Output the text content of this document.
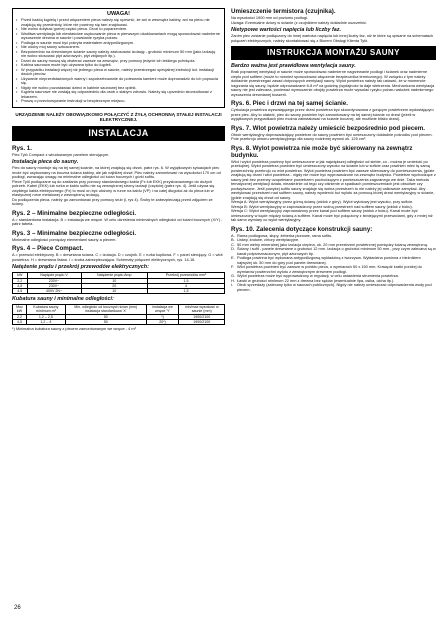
UWAGA!
• Przed każdą kąpielą i przed włączeniem pieca należy się upewnić, że ani w wewnątrz kabiny, ani na piecu nie znajdują się przedmioty, które nie powinny się tam znajdować.
• Nie wolno dotykać gornej części pieca. Grozi to poparzeniem.
• Wadliwa wentylacja lub niewłaściwe usytuowanie pieca w pierwszym okablowaniach mogą spowodować nadmierne wysuszenie drewna w saunie i powstanie ryzyka pożaru.
• Podłoga w saunie musi być pokryta materiałem antypoślizgowym.
• Nie ośoby muj sauny sztuacznem.
• Bezpośrednio na drewnianym ścianie sauny należy zastosować izolację - grubość minimum 50 mm (jako izolację nie wolno stosować płyt ażurowych, płyt zbijanych itp.).
• Drzwi do sauny muszą się otwierać zawsze na zewnątrz, przy pomocy jedynie ich lekkiego pchnięcia.
• Kabina saunowa może być używana tylko do kąpieli.
• W przypadku instalacji więcej niż jednego pieca w saunie, należy przestrzegać specjalnej instrukcji icd. instalacji dwóch pieców.
• Używanie nieprzedstawionych wanny i zapotrzebowanie do polewania kamieni może doprowadzić do ich popsucia się.
• Nigdy nie wolno pozostawiać dzieci w kabinie saunowej bez opieki.
• Kąpiela saunowe nie zostają się odpowiednio dla osób o słabym zdrowiu. Należy się uprzednio skonsultować z lekarzem.
• Proszę o przechowywanie instrukcji w bezpiecznym miejscu.
URZĄDZENIE NALEŻY OBOWIĄZKOWO POŁĄCZYĆ Z ŻYŁĄ OCHRONNĄ STAŁEJ INSTALACJI ELEKTRYCZNEJ.
INSTALACJA
Rys. 1.

Piec Tylö Compact z wbudowanym panelem sterującym.

Instalacja pieca do sauny.

Piec do sauny montuje się na tej samej ścianie, na której znajdują się drzwi, patrz rys. 6. W wyjątkowych sytuacjach piec może być usytuowany na boczna ściana kabiny, ale jak najbliżej drzwi. Piec należy zamontować na wysokości 170 cm od podłogi, zwracając uwagę na minimalne odległości od ścian bocznych i górki sufitu.
Piece Tylö podłączane są do zasilania przy pomocy standardowego kabla (Fx lub EKK) przystosowanego do dużych potrzeb. Kabel (EKK) lub rurka w kablu sufitu nie są zewnętrznej strony izolacji (częściej (patrz rys. 4). Jeśli używa się zwykłego kabla elektrycznego (Fx) to musi on być ułożony w rurce na kablu (VP) i na całej długości aż do pieca lub w elastycznej rurce metalowej z wewnętrzną izolacją.
Do podłączenia pieca, należy go zamontować przy pomocy śrub (l, rys 4). Śruby te zabezpieczają przed zdjęciem ze ściany.

Rys. 2 – Minimalne bezpieczne odległości.

A = standardowa instalacja. B = instalacja we wnęce. W celu określenia minimalnych odległości od ściani bocznych (X/Y) - patrz tabela.

Rys. 3 – Minimalne bezpieczne odległości.

Minimalne odległości pomiędzy elementami sauny a piecem.

Rys. 4 – Piece Compact.

A = przewód elektryczny. B = drewniana ściana. C = izolacja. D = czujnik. E = rurka kopiłowa. F = panel sterujący. G = wlot powietrza. H = drewniana listwa. I = śruba zabezpieczająca. Schematy połączeń elektrycznych, rys. 14-16.

Natężenie prądu i przekrój przewodów elektrycznych:
kW	Napięcie prądu V	Natężenie prądu Amp	Przekrój przewodów mm²
2,2	230V~	10	1,5
4,5	230V~	20	4
4,5	400V 2N~	10	1,5
Kubatura sauny i minimalne odległości:
Moc kW	Kubatura sauny minimum m³	Min. odległość od bocznych ścian (mm) instalacja standardowa 'X'	instalacja we wnęce 'Y'	min/max wysokość w saunie (mm)
2,2	1,2 – 2,5	50	*)	1900/2100
4,5	1,2 – 4	50	20*)	1900/2100

*) Minimalna kubatura sauny z piecem zamontowanym we wnęce - 4 m³

Umieszczenie termistora (czujnika).

Na wysokości 1900 mm od poziomu podłogi.
Uwaga: Eventualne dziury w ścianie (z czujnikiem należy dokładnie uszczelnić.

Nietypowe wartości napięcia lub liczby faz.

Zanim piec zostanie podłączony do innej wartości napięcia lub innej liczby faz, niż te które są opisane na schematach połączeń elektrycznych, należy skontaktować się z Biurem Obsługi Klienta Tylö.

INSTRUKCJA MONTAŻU SAUNY
Bardzo ważna jest prawidłowa wentylacja sauny.

Brak poprawnej wentylacji w saunie może spowodować nadmierne nagrzewanie podłogi i ścianek oraz nadmierne ciepło pod sufitem (może to również spowodować włączenie bezpiecznika termicznego). W związku z tym należy dokładnie przestrzegać zasad dotyczących wentylacji sauny. Wylot powietrza należy tak ustawić, że w momencie nagrzania się sauny, będzie odprowadzane 6-8 m³ na godzinę (wydajność ta daje wietrzenia. Mechaniczna wentylacja sauny nie jest zalecana, ponieważ wymuszenie obojdy powietrza może wywołać ryzyko pożaru wskutek nadmiernego wysuszenia drewnianej boazerii.

Rys. 6. Piec i drzwi na tej samej ścianie.

Cyrkulacja powietrza wyzwalającego przez drzwi powietrza być skoordynowana z gorącym powietrzem wydostającym przez piec. Aby to ułatwić, piec do sauny powinien być zamontowany na tej samej ścianie co drzwi (jeżeli w wyjątkowych przypadkach piec można zainstalować na ścianie bocznej, ale możliwie blisko drzwi).

Rys. 7. Wlot powietrza należy umieścić bezpośrednio pod piecem.

Otwór wentylacyjny doprowadzający powietrze do sauny powinien być umieszczony dokładnie pośrodku pod piecem. Pole przekroju otworu wentylacyjnego dla sauny rodzinnej wynosi ok. 125 cm².

Rys. 8. Wylot powietrza nie może być skierowany na zewnątrz budynku.

Wlot i wylot powietrza powinny być umieszczone w jak największej odległości od siebie, co - można je umieścić po przekątnej. Wylot powietrza powinien być umieszczony wysoko na ścianie lub w suficie oraz powinien mieć tę samą powierzchnię przekroju co wlot powietrza. Wylot powietrza powinien być zawsze skierowany do pomieszczenia, (gdzie znajdują się drzwi i wlot powietrza - nigdy nie może być wyprowadzone na zewnątrz budynku. Powietrze wychodzące z sauny jest bez przerwy uzupełniane powietrzem pochodzącym z pomieszczenia zagrzanego we dnie. Taka metoda tematycznej wentylacji działa, niezależnie od tego czy ciśnienie w spadkach pomieszczeniach jest obsoliwe czy podwyższone. Jeśli powyżej sufitu sauny znajduje się wolna przestrzeń to nie należy jej całkowicie zamykać. Aby wentylować przestrzeń nad sufitem sauny, należy wywiercić tuż wylotu za pomocą której drzwi wentylacyjny w ścianie, (gdzie znajdują się drzwi od sauny.
Wersja A: Wylot wentylacyjny przez górną ścianę (widok z góry). Wylot wylotowy jest wysoko, przy suficie.
Wersja B: Wylot wentylacyjny w zaprowadzony przez wolną przestrzeń nad sufitem sauny (widok z boku).
Wersja C: Wylot wentylacyjny zaprowadzony przez kanał pod sufitem sauny (widok z boku). Kanał może być umieszczony w kącie między ścianą a sufitem. Kanał może być połączony z istniejącymi przewodami, gdy z mniej niż tak samo wymiary co wylot wentylacyjny.

Rys. 10. Zalecenia dotyczące konstrukcji sauny:
A. Rama podłogowa, słupy, żeberka pionowe, rama sufitu.
B. Listwy, krokwe, chtory wentylacyjne.
C. 50 mm wełny mineralnej jako izolacja cieplna, ok. 20 mm przestrzeni powietrznej pomiędzy ścianą zewnętrzną.
D. Ściany i sufit - panele drewniane o grubości 12 mm. Izolacja o grubości minimum 50 mm., przy czym zalecana są w kanał półprzeznaczonym, płyt ażurowych itp.
E. Podłoga powinna być wykonana antypoślizgową wykładziną z tworzywa. Wykładzina powinna z bieżnikiem najwyżej ok. 50 mm do góry pod panele drewnianej.
F. Wlot powietrza powinien być zawsze w pobliżu pieca, o wymiarach 50 x 150 mm. Krawędź kratki poniżej do wymiarów powierzchni wylotu z zewnętrznym drewnem podłogi.
G. Wylot powietrza może być wyprowadzony w regulacji, w celu ustawienia strumienia powietrza.
H. Ławki w grubości minimum 22 mm z drewna bez sęków (ewentualnie lipa, osika, olcha itp.).
I. Obok sprzedaży (zalecany tylko w saunach publicznych). Nigdy nie należy umieszczać odprowadzenia wody pod piecem.
26
